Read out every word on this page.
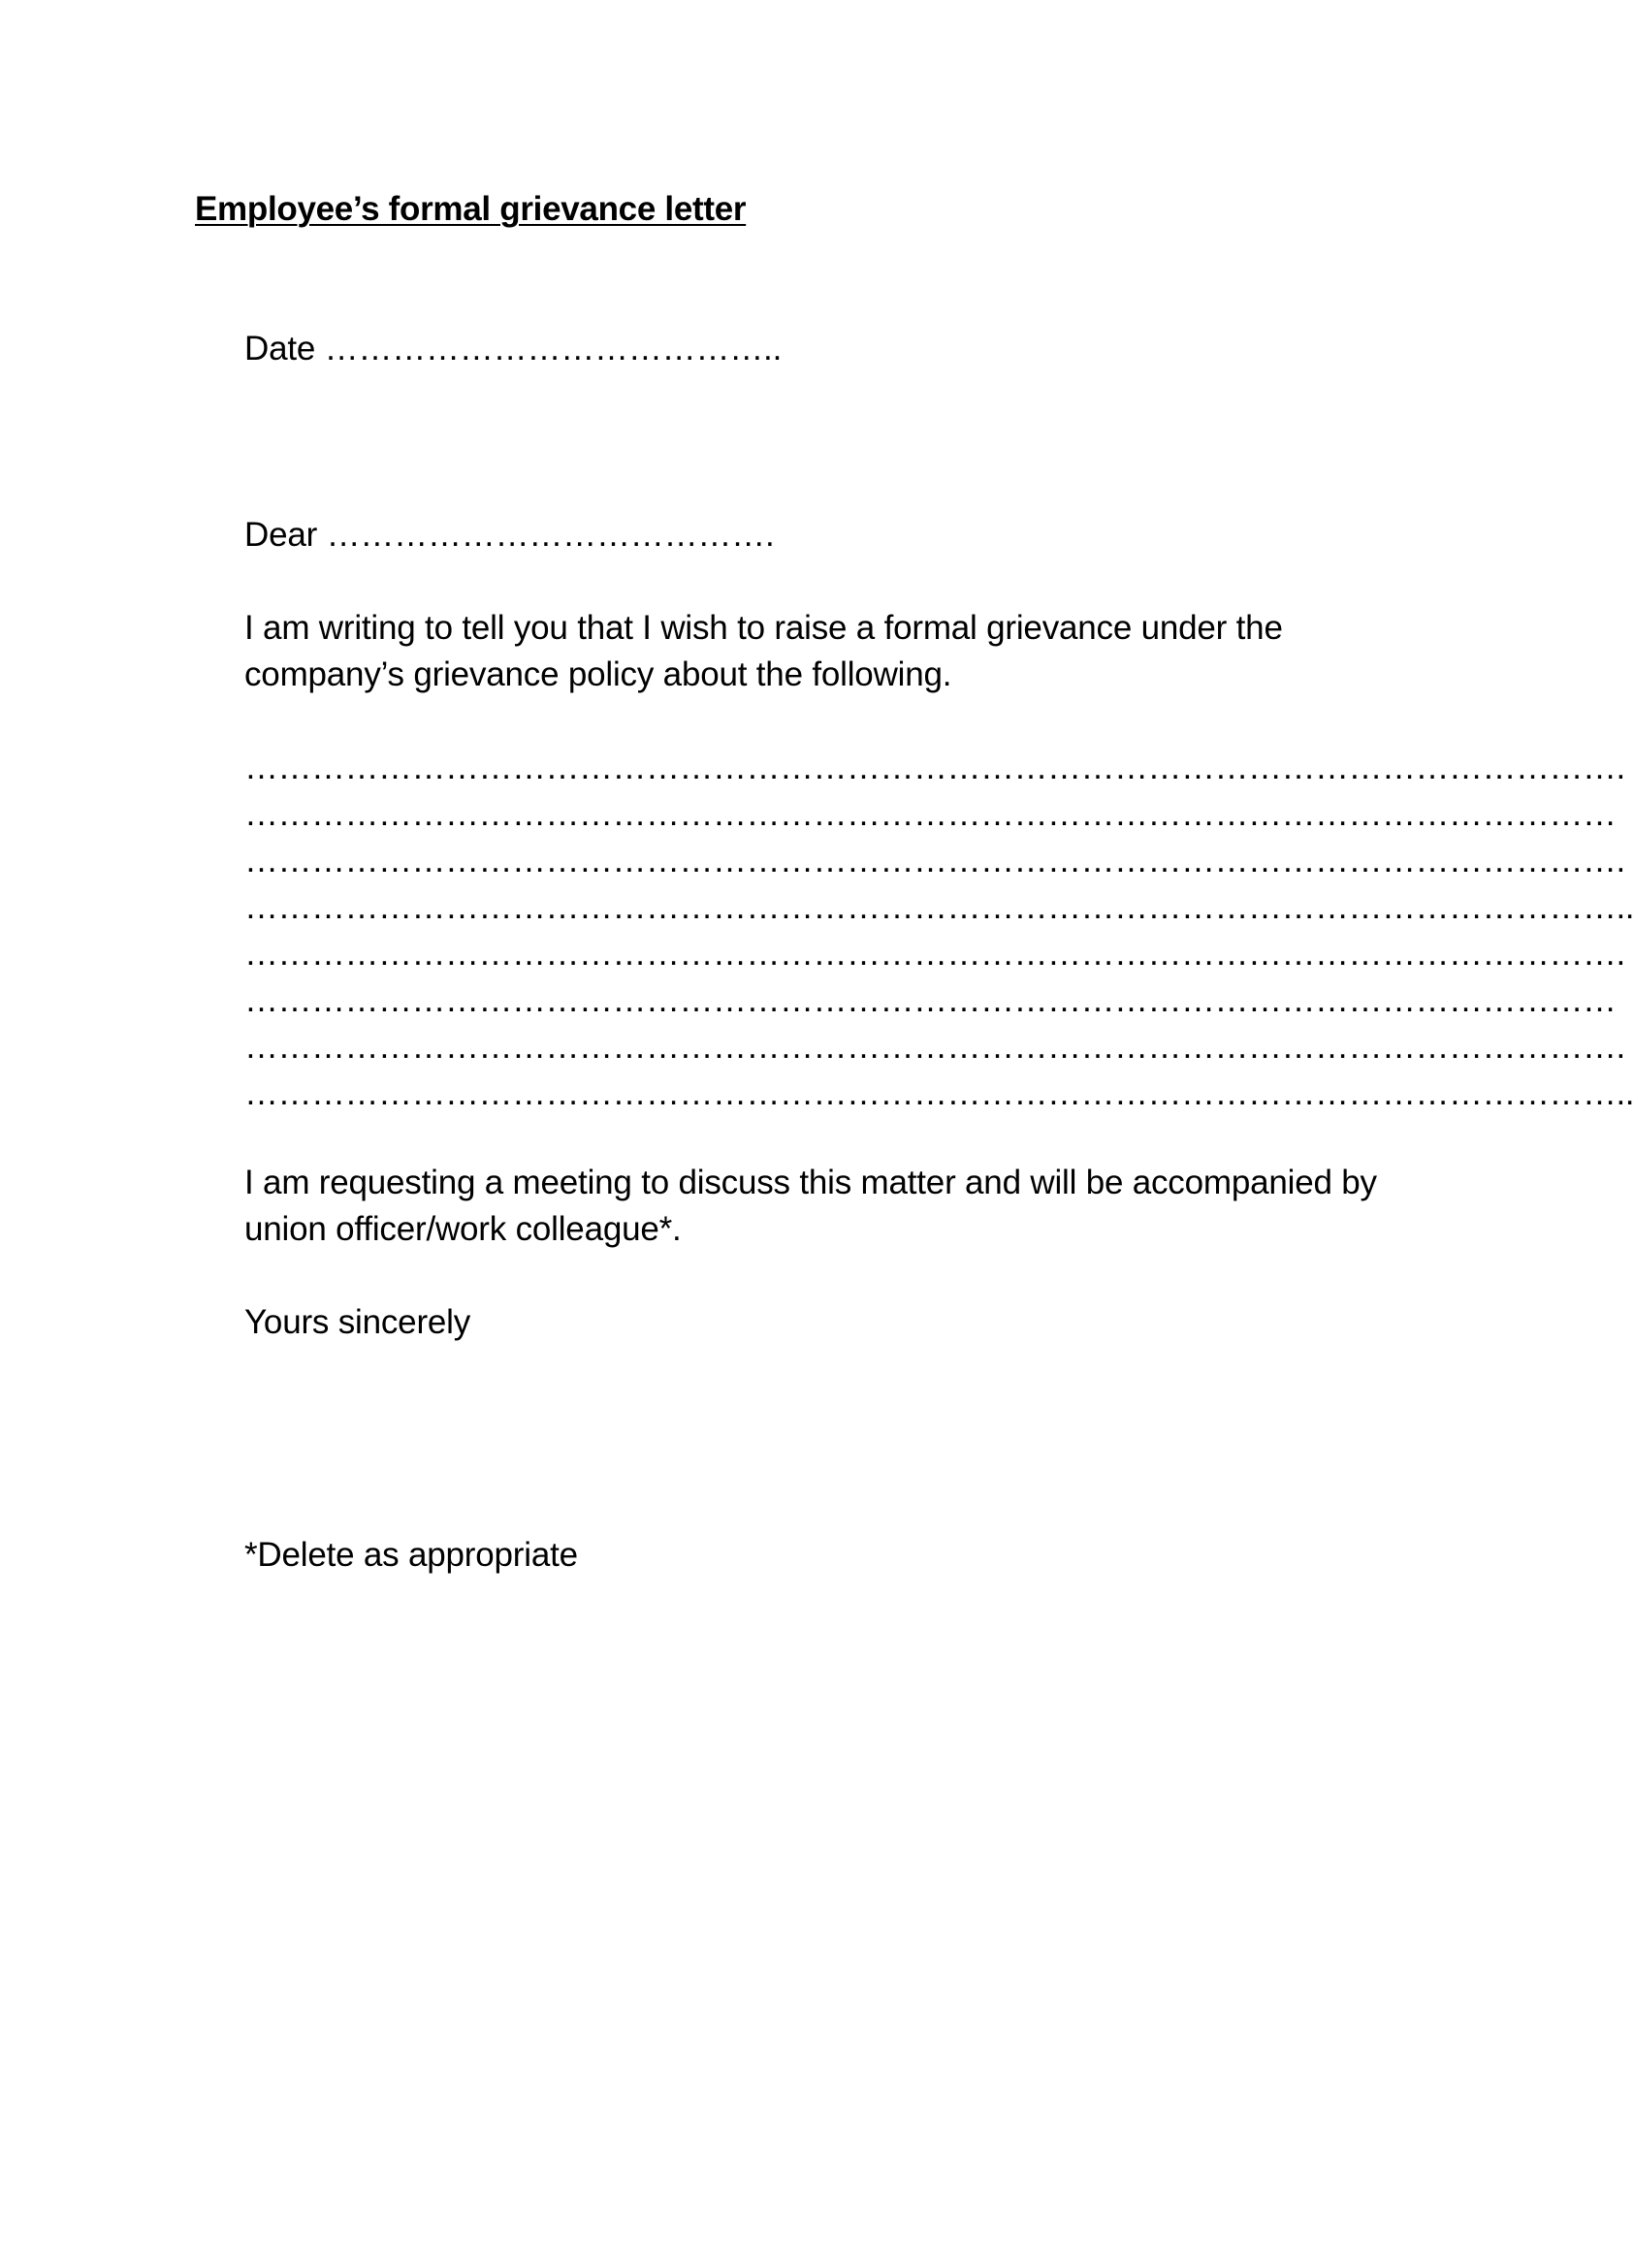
Employee’s formal grievance letter
Date …………………………………..
Dear ………………………………….
I am writing to tell you that I wish to raise a formal grievance under the company’s grievance policy about the following.
…………………………………………………………………………………………………………….
……………………………………………………………………………………………………………
…………………………………………………………………………………………………………….
……………………………………………………………………………………………………………..
…………………………………………………………………………………………………………….
……………………………………………………………………………………………………………
…………………………………………………………………………………………………………….
……………………………………………………………………………………………………………..
I am requesting a meeting to discuss this matter and will be accompanied by union officer/work colleague*.
Yours sincerely
*Delete as appropriate
